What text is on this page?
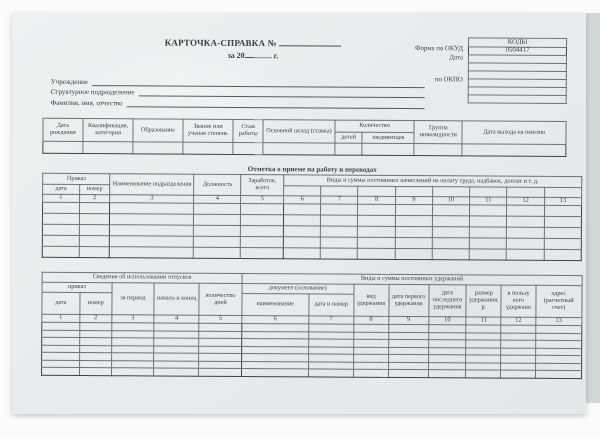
КАРТОЧКА-СПРАВКА №
за 20	г.
Форма по ОКУД
Дата
по ОКПО
КОДЫ
0504417

Учреждение
Структурное подразделение
Фамилия, имя, отчество
Дата рождения	Квалификация, категория	Образование	Звание или ученая степень	Стаж работы	Основной оклад (ставка)	Количество		Группа инвалидности	Дата выхода на пенсию
						детей	иждивенцев		

Отметка о приеме на работу и переводах
Приказ		Наименование подразделения	Должность	Заработок, всего	Виды и суммы постоянных начислений на оплату труда, надбавок, доплат и т. д.							
дата	номер											
1	2	3	4	5	6	7	8	9	10	11	12	13

Сведения об использовании отпусков					Виды и суммы постоянных удержаний							
приказ		за период	начало и конец	количество дней	документ (основание)		вид удержания	дата первого удержания	дата последнего удержания	размер удержания, р.	в пользу кого удержано	адрес (расчетный счет)
дата	номер				наименование	дата и номер						
1	2	3	4	5	6	7	8	9	10	11	12	13
